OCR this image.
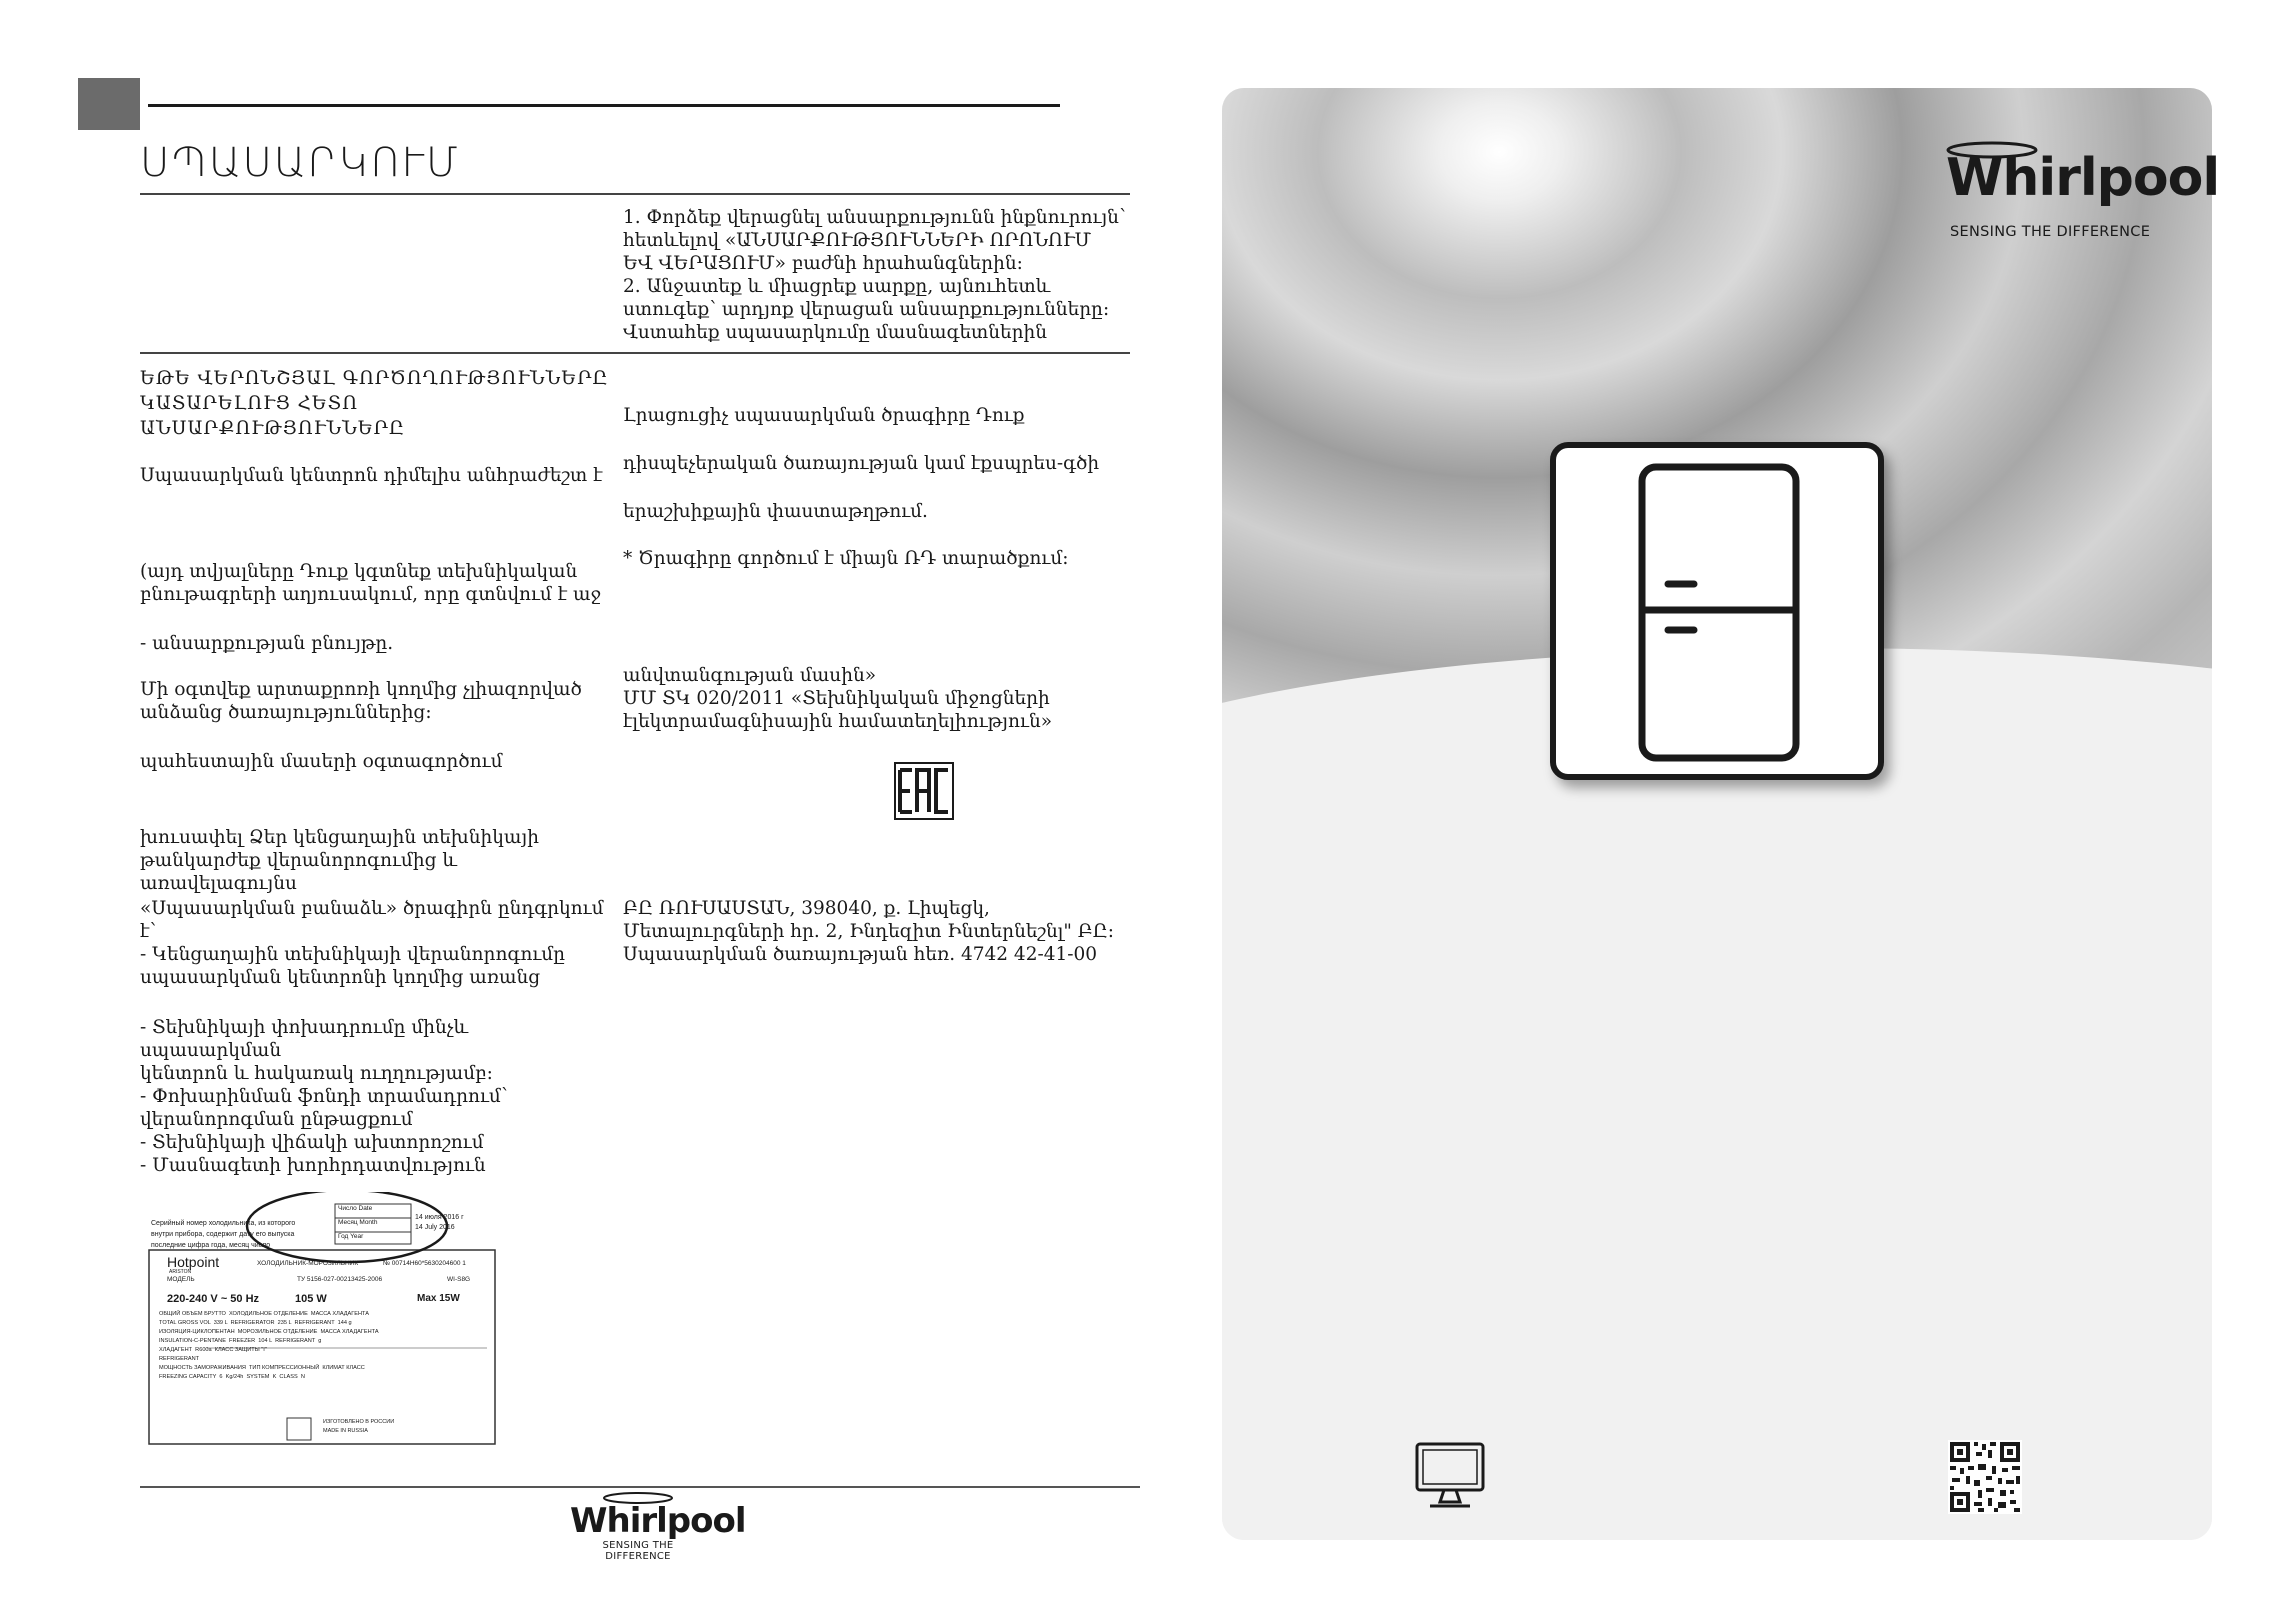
ՍՊԱՍԱՐԿՈՒՄ
1. Փորձեք վերացնել անսարքությունն ինքնուրույն՝
հետևելով «ԱՆՍԱՐՔՈՒԹՅՈՒՆՆԵՐԻ ՈՐՈՆՈՒՄ
ԵՎ ՎԵՐԱՑՈՒՄ» բաժնի հրահանգներին:
2. Անջատեք և միացրեք սարքը, այնուհետև
ստուգեք՝ արդյոք վերացան անսարքությունները:
Վստահեք սպասարկումը մասնագետներին
ԵԹԵ ՎԵՐՈՆՇՅԱԼ ԳՈՐԾՈՂՈՒԹՅՈՒՆՆԵՐԸ
ԿԱՏԱՐԵԼՈՒՑ ՀԵՏՈ ԱՆՍԱՐՔՈՒԹՅՈՒՆՆԵՐԸ
Սպասարկման կենտրոն դիմելիս անհրաժեշտ է
(այդ տվյալները Դուք կգտնեք տեխնիկական
բնութագրերի աղյուսակում, որը գտնվում է աջ
- անսարքության բնույթը.
Մի օգտվեք արտաքրոռի կողմից չլիազորված
անձանց ծառայություններից:
պահեստային մասերի օգտագործում
խուսափել Ձեր կենցաղային տեխնիկայի
թանկարժեք վերանորոգումից և առավելագույնս
«Սպասարկման բանաձև» ծրագիրն ընդգրկում է՝
- Կենցաղային տեխնիկայի վերանորոգումը
սպասարկման կենտրոնի կողմից առանց
- Տեխնիկայի փոխադրումը մինչև սպասարկման
կենտրոն և հակառակ ուղղությամբ:
- Փոխարինման ֆոնդի տրամադրում՝
վերանորոգման ընթացքում
- Տեխնիկայի վիճակի ախտորոշում
- Մասնագետի խորհրդատվություն
Լրացուցիչ սպասարկման ծրագիրը Դուք
դիսպեչերական ծառայության կամ էքսպրես-գծի
երաշխիքային փաստաթղթում.
* Ծրագիրը գործում է միայն ՌԴ տարածքում:
անվտանգության մասին»
ՄՄ ՏԿ 020/2011 «Տեխնիկական միջոցների
էլեկտրամագնիսային համատեղելիություն»
ԲԸ ՌՈՒՍԱՍՏԱՆ, 398040, ք. Լիպեցկ,
Մետալուրգների հր. 2, Ինդեզիտ Ինտերնեշնլ" ԲԸ:
Սպասարկման ծառայության հեռ. 4742 42-41-00
Серийный номер холодильника, из которого
внутри прибора, содержит дату его выпуска
последние цифра года, месяц число
Число Date
Месяц Month
Год Year
14 июля 2016 г
14 July 2016
Hotpoint
ARISTON
ХОЛОДИЛЬНИК-МОРОЗИЛЬНИК	№ 00714H60*5630204600 1
МОДЕЛЬ	ТУ 5156-027-00213425-2006	WI-S8G
220-240 V ~ 50 Hz	105 W	Max 15W
ОБЩИЙ ОБЪЕМ БРУТТО  ХОЛОДИЛЬНОЕ ОТДЕЛЕНИЕ  МАССА ХЛАДАГЕНТА
TOTAL GROSS VOL  339 L  REFRIGERATOR  235 L  REFRIGERANT  144 g
ИЗОЛЯЦИЯ-ЦИКЛОПЕНТАН  МОРОЗИЛЬНОЕ ОТДЕЛЕНИЕ  МАССА ХЛАДАГЕНТА
INSULATION-C-PENTANE  FREEZER  104 L  REFRIGERANT  g
ХЛАДАГЕНТ  R600a  КЛАСС ЗАЩИТЫ "I"
REFRIGERANT
МОЩНОСТЬ ЗАМОРАЖИВАНИЯ  ТИП КОМПРЕССИОННЫЙ  КЛИМАТ КЛАСС
FREEZING CAPACITY  6  Kg/24h  SYSTEM  K  CLASS  N
ИЗГОТОВЛЕНО В РОССИИ
MADE IN RUSSIA
Whirlpool
SENSING THE DIFFERENCE
Whirlpool
SENSING THE DIFFERENCE
